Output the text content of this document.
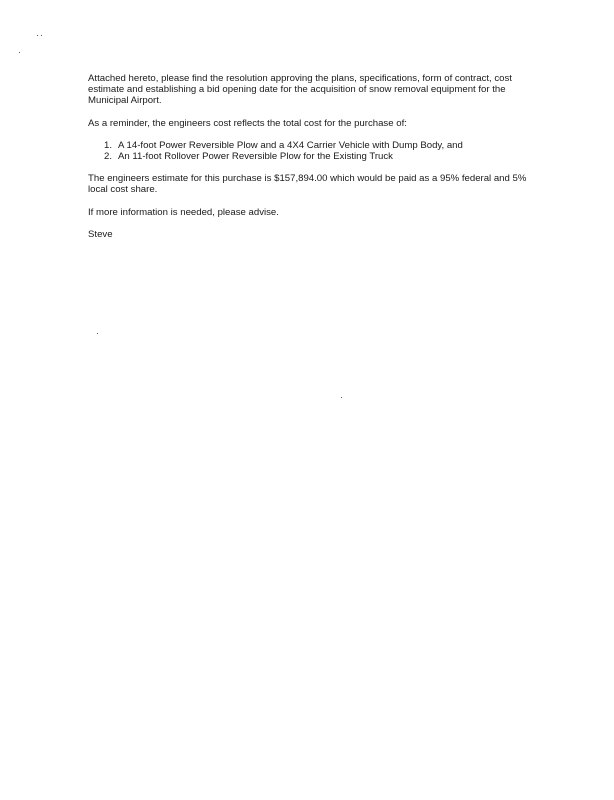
Attached hereto, please find the resolution approving the plans, specifications, form of contract, cost estimate and establishing a bid opening date for the acquisition of snow removal equipment for the Municipal Airport.

As a reminder, the engineers cost reflects the total cost for the purchase of:

1. A 14-foot Power Reversible Plow and a 4X4 Carrier Vehicle with Dump Body, and
2. An 11-foot Rollover Power Reversible Plow for the Existing Truck

The engineers estimate for this purchase is $157,894.00 which would be paid as a 95% federal and 5% local cost share.

If more information is needed, please advise.

Steve
